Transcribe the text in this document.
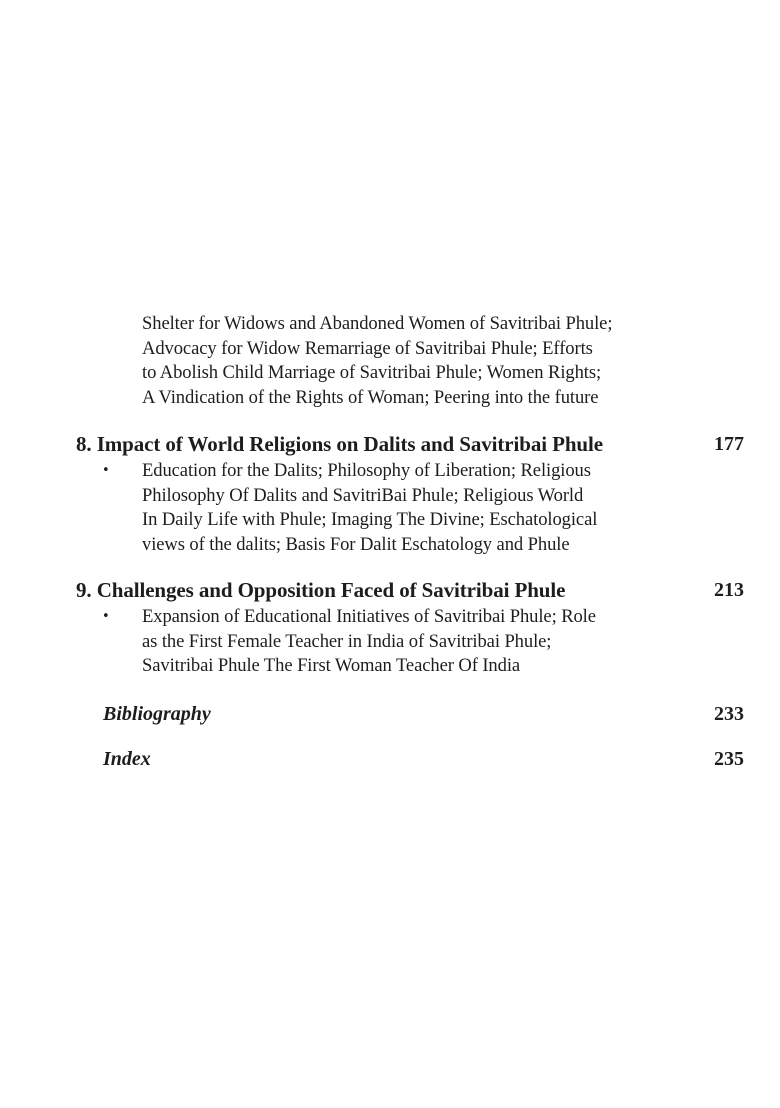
Shelter for Widows and Abandoned Women of Savitribai Phule;
Advocacy for Widow Remarriage of Savitribai Phule; Efforts
to Abolish Child Marriage of Savitribai Phule; Women Rights;
A Vindication of the Rights of Woman; Peering into the future
8. Impact of World Religions on Dalits and Savitribai Phule	177
• Education for the Dalits; Philosophy of Liberation; Religious
Philosophy Of Dalits and SavitriBai Phule; Religious World
In Daily Life with Phule; Imaging The Divine; Eschatological
views of the dalits; Basis For Dalit Eschatology and Phule
9. Challenges and Opposition Faced of Savitribai Phule	213
• Expansion of Educational Initiatives of Savitribai Phule; Role
as the First Female Teacher in India of Savitribai Phule;
Savitribai Phule The First Woman Teacher Of India
Bibliography	233
Index	235
